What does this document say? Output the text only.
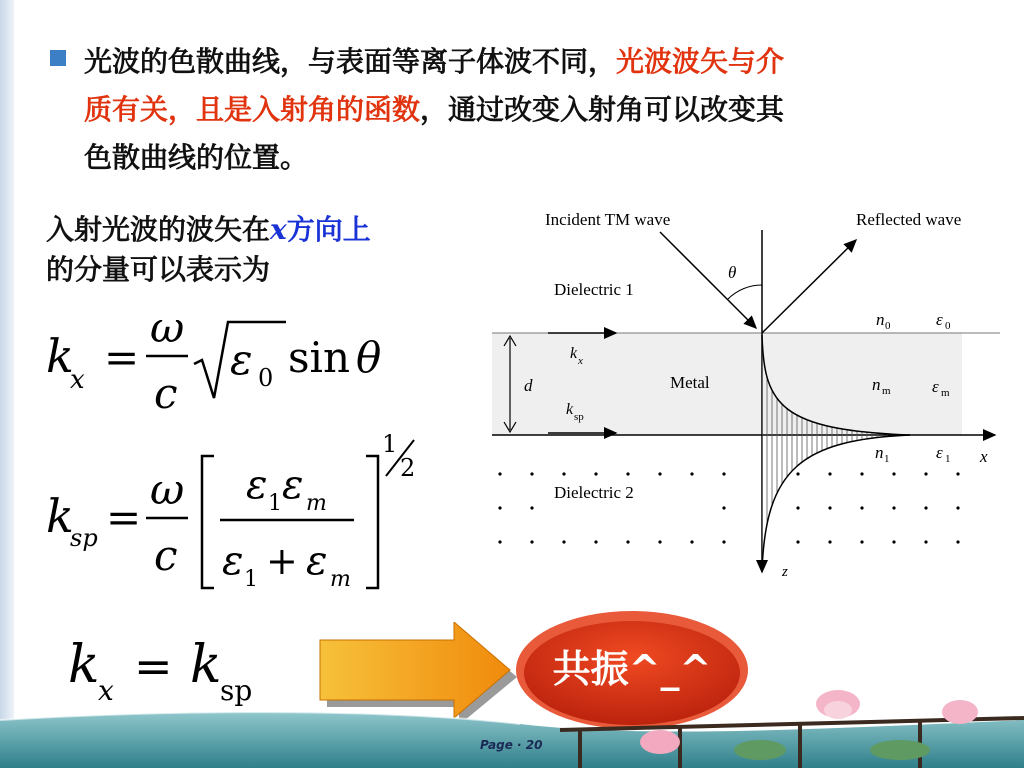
光波的色散曲线，与表面等离子体波不同，光波波矢与介
质有关，且是入射角的函数，通过改变入射角可以改变其
色散曲线的位置。
入射光波的波矢在x方向上
的分量可以表示为
k
x =
ω
c
ε 0 sin θ
k
sp =
ω
c
ε 1 ε m
ε 1 + ε m
1
2
k
x = k
sp
Incident TM wave	Reflected wave
θ
Dielectric 1
Dielectric 2
Metal
d
k x
k sp
n 0	ε 0
n m ε m
n 1	ε 1 x
z
共振^_^
Page · 20
